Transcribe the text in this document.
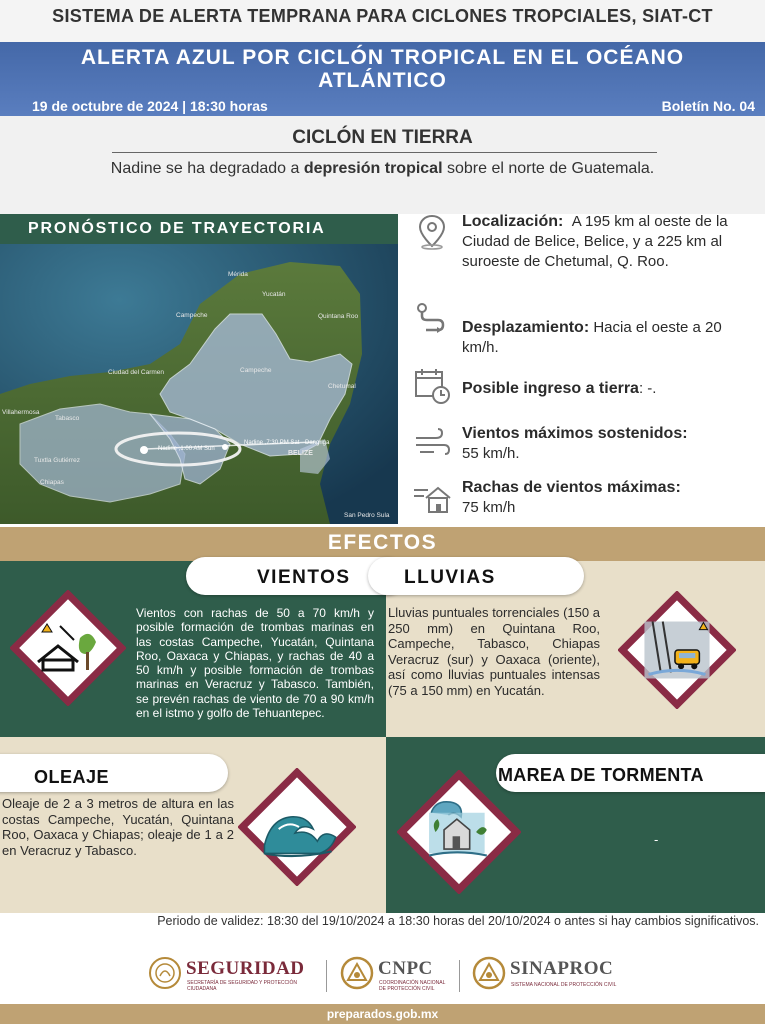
SISTEMA DE ALERTA TEMPRANA PARA CICLONES TROPCIALES, SIAT-CT
ALERTA AZUL POR CICLÓN TROPICAL EN EL OCÉANO ATLÁNTICO
19 de octubre de 2024 | 18:30 horas	Boletín No. 04
CICLÓN EN TIERRA
Nadine se ha degradado a depresión tropical sobre el norte de Guatemala.
PRONÓSTICO DE TRAYECTORIA
Mérida
Yucatán
Campeche	Quintana Roo
Ciudad del Carmen	Campeche
Chetumal
Villahermosa
Tabasco
Tuxtla Gutiérrez
Chiapas
BELIZE
San Pedro Sula
Nadine ,1:00 AM Sun
Nadine ,7:30 PM Sat Dangriga
Localización: A 195 km al oeste de la Ciudad de Belice, Belice, y a 225 km al suroeste de Chetumal, Q. Roo.
Desplazamiento: Hacia el oeste a 20 km/h.
Posible ingreso a tierra: -.
Vientos máximos sostenidos:
55 km/h.
Rachas de vientos máximas:
75 km/h
EFECTOS
VIENTOS
Vientos con rachas de 50 a 70 km/h y posible formación de trombas marinas en las costas Campeche, Yucatán, Quintana Roo, Oaxaca y Chiapas, y rachas de 40 a 50 km/h y posible formación de trombas marinas en Veracruz y Tabasco. También, se prevén rachas de viento de 70 a 90 km/h en el istmo y golfo de Tehuantepec.
LLUVIAS
Lluvias puntuales torrenciales (150 a 250 mm) en Quintana Roo, Campeche, Tabasco, Chiapas Veracruz (sur) y Oaxaca (oriente), así como lluvias puntuales intensas (75 a 150 mm) en Yucatán.
OLEAJE
Oleaje de 2 a 3 metros de altura en las costas Campeche, Yucatán, Quintana Roo, Oaxaca y Chiapas; oleaje de 1 a 2 en Veracruz y Tabasco.
MAREA DE TORMENTA
-
Periodo de validez: 18:30 del 19/10/2024 a 18:30 horas del 20/10/2024 o antes si hay cambios significativos.
SEGURIDAD
SECRETARÍA DE SEGURIDAD Y PROTECCIÓN CIUDADANA
CNPC
COORDINACIÓN NACIONAL DE PROTECCIÓN CIVIL
SINAPROC
SISTEMA NACIONAL DE PROTECCIÓN CIVIL
preparados.gob.mx
